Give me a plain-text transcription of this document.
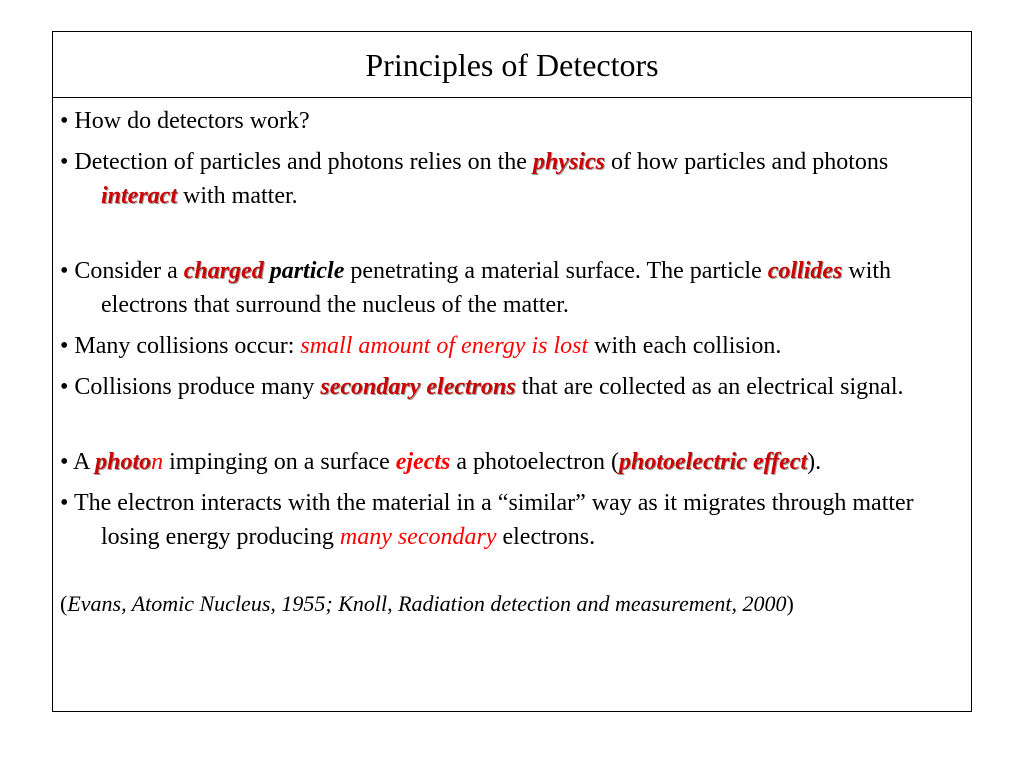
Principles of Detectors

• How do detectors work?

• Detection of particles and photons relies on the physics of how particles and photons interact with matter.

• Consider a charged particle penetrating a material surface. The particle collides with electrons that surround the nucleus of the matter.

• Many collisions occur: small amount of energy is lost with each collision.

• Collisions produce many secondary electrons that are collected as an electrical signal.

• A photon impinging on a surface ejects a photoelectron (photoelectric effect).

• The electron interacts with the material in a “similar” way as it migrates through matter losing energy producing many secondary electrons.

(Evans, Atomic Nucleus, 1955; Knoll, Radiation detection and measurement, 2000)
